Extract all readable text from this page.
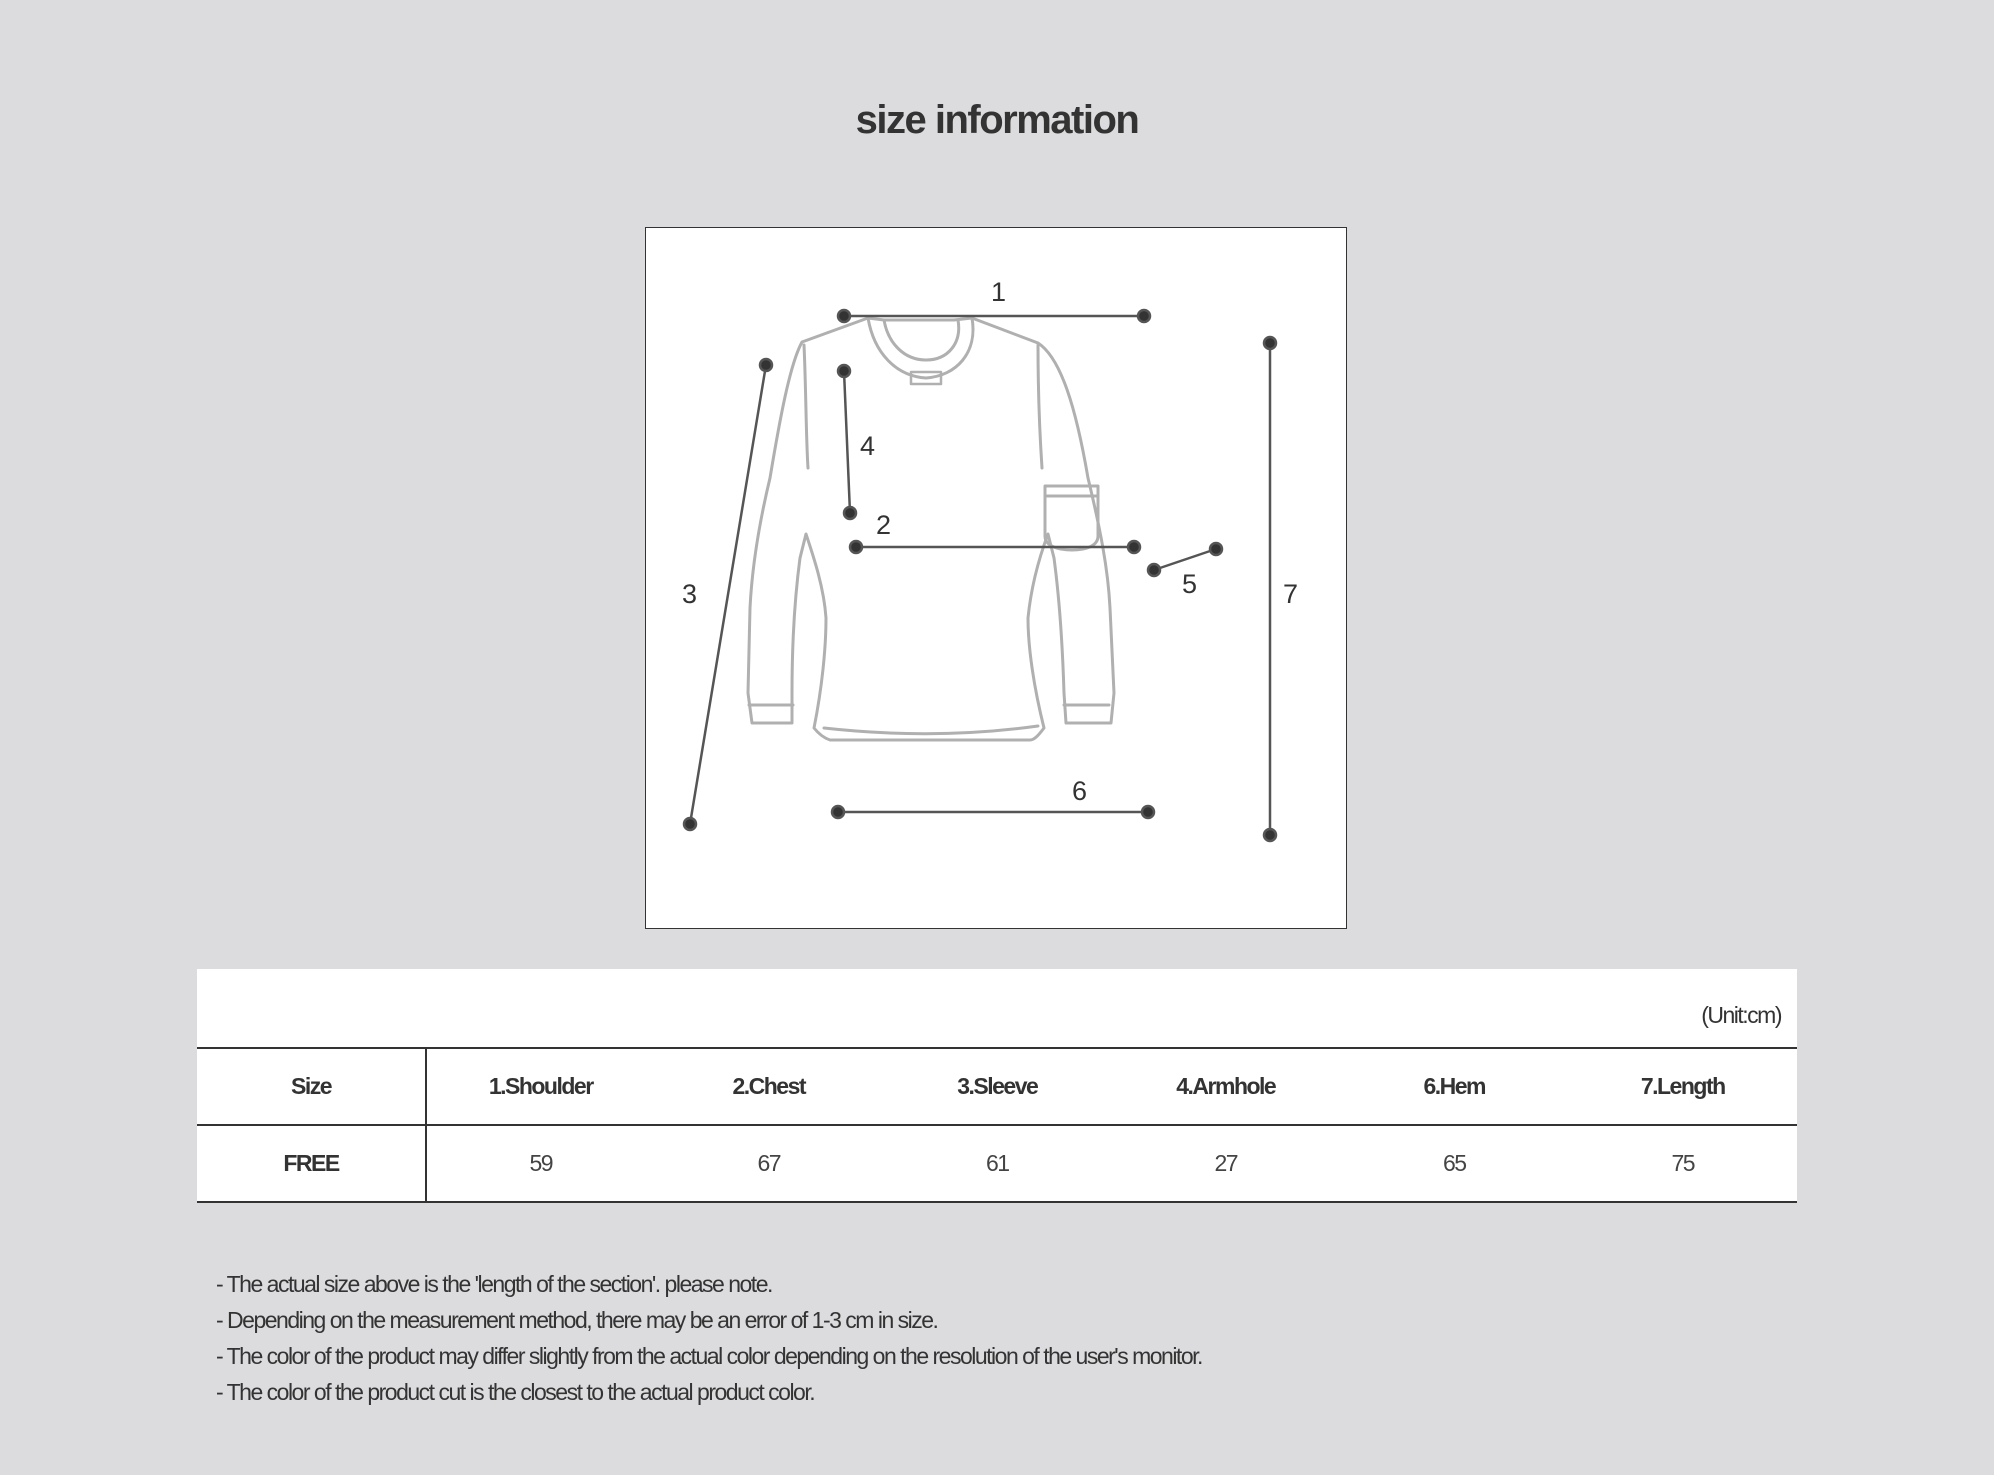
size information
1
2
3
4
5
6
7
(Unit:cm)
Size	1.Shoulder	2.Chest	3.Sleeve	4.Armhole	6.Hem	7.Length
FREE	59	67	61	27	65	75
- The actual size above is the 'length of the section'. please note.
- Depending on the measurement method, there may be an error of 1-3 cm in size.
- The color of the product may differ slightly from the actual color depending on the resolution of the user's monitor.
- The color of the product cut is the closest to the actual product color.
